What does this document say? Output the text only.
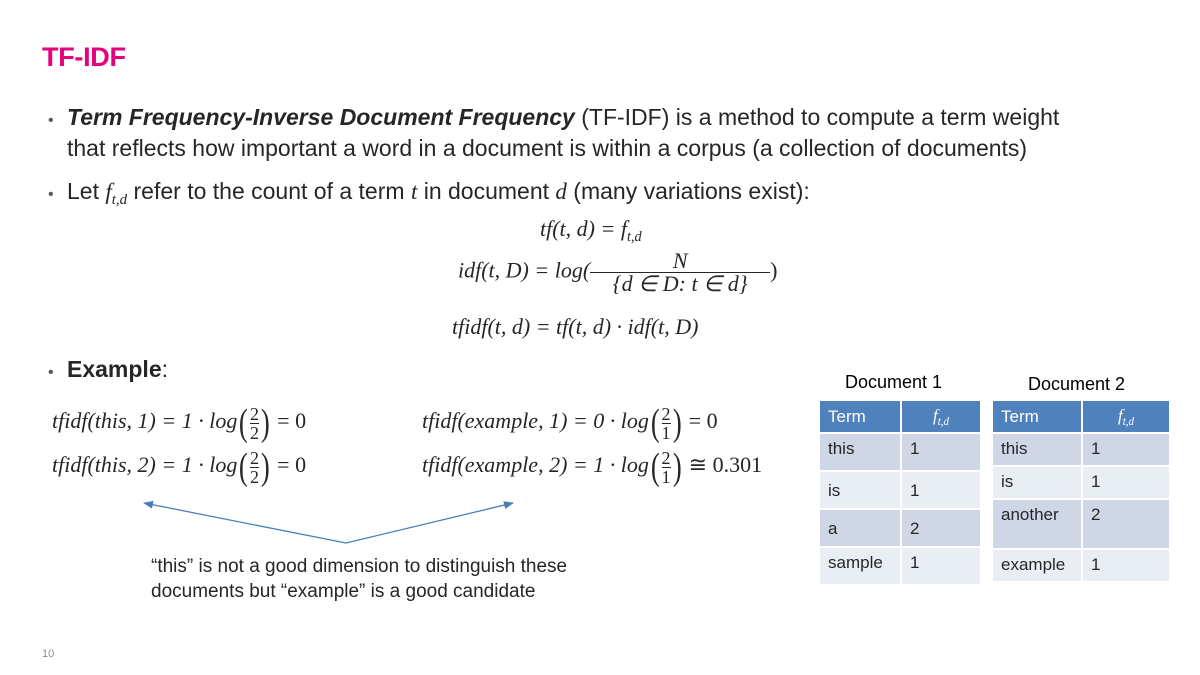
TF-IDF
• Term Frequency-Inverse Document Frequency (TF-IDF) is a method to compute a term weight
that reflects how important a word in a document is within a corpus (a collection of documents)
• Let $f_{t,d}$ refer to the count of a term t in document d (many variations exist):
tf(t, $d) = f_{t,d}$
idf(t, $D) = \log( \frac{N}{\{d \in D: t \in d\}}$ )
tfidf(t, d) = tf(t, d) · idf(t, D)
• Example:
tfidf(this, $1) = 1 \cdot \log( \frac{2}{2}$ ) = 0
tfidf(this, $2) = 1 \cdot \log( \frac{2}{2}$ ) = 0
tfidf(example, $1) = 0 \cdot \log( \frac{2}{1}$ ) = 0
tfidf(example, $2) = 1 \cdot \log( \frac{2}{1}$ ) ≅ 0.301
“this” is not a good dimension to distinguish these
documents but “example” is a good candidate
Document 1
Term	$f_{t,d}$
this	1
is	1
a	2
sample	1
Document 2
Term	$f_{t,d}$
this	1
is	1
another	2
example	1
10
